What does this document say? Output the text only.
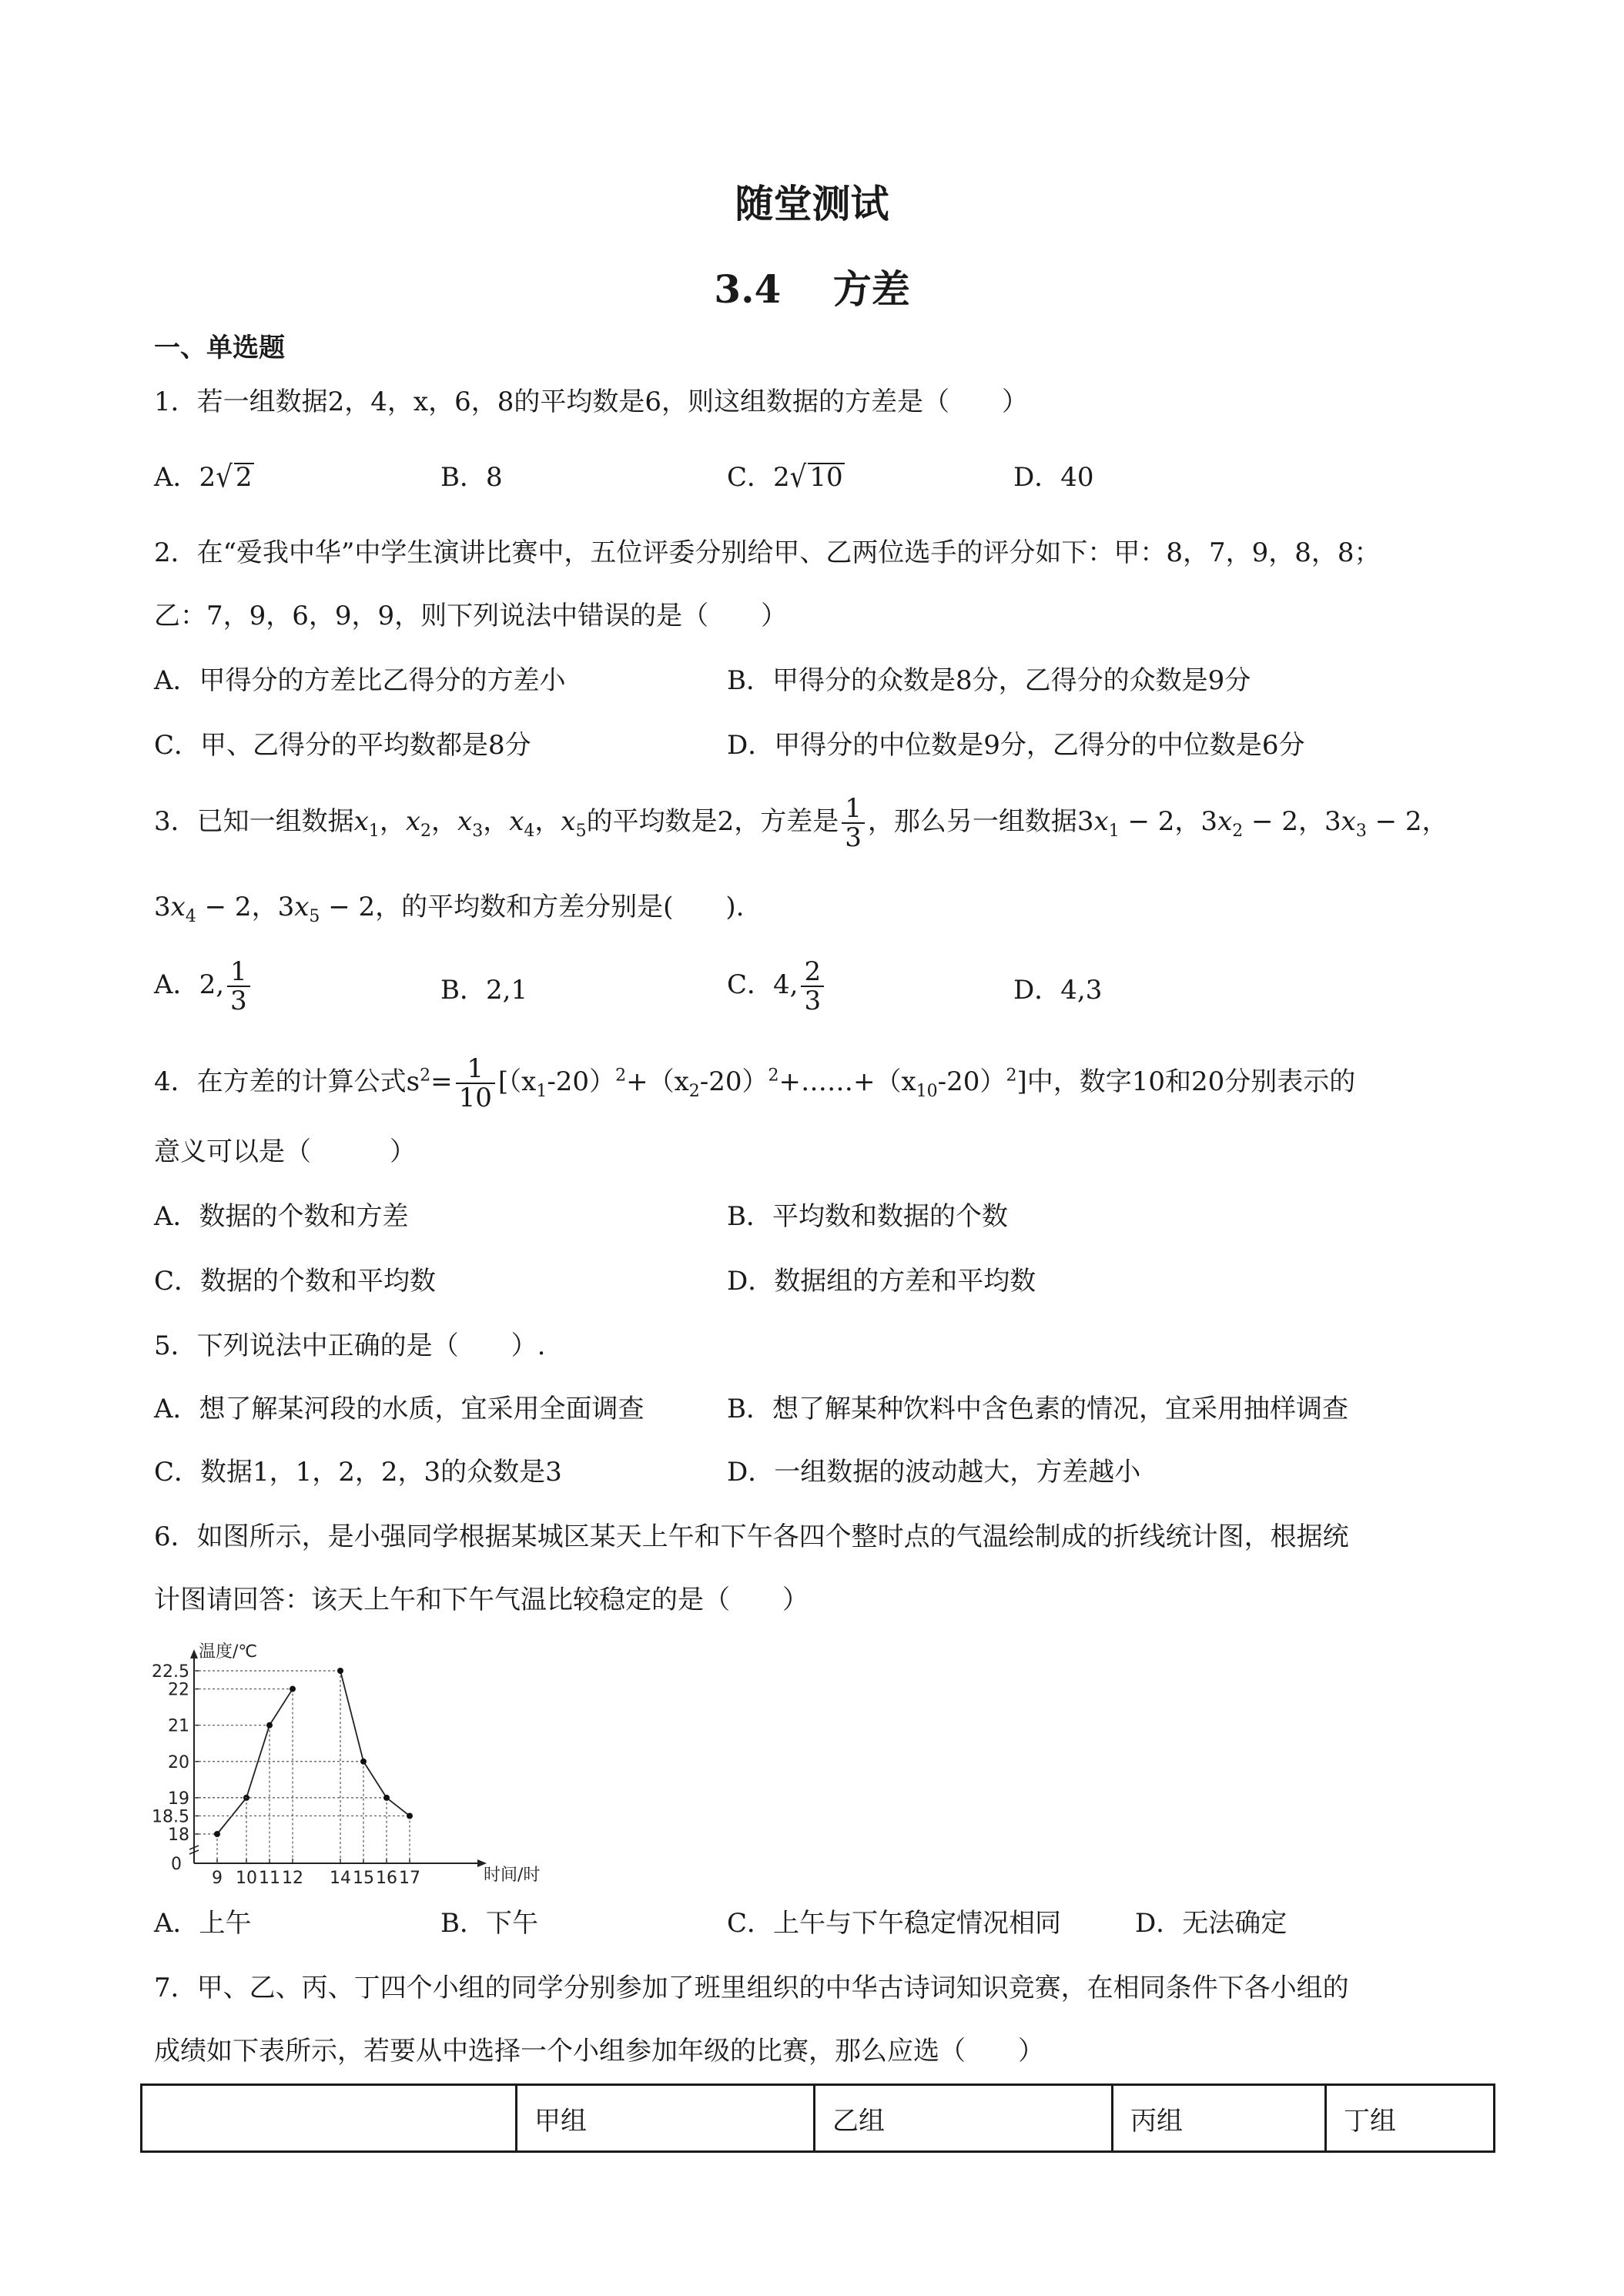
随堂测试
3.4　 方差
一、单选题
1．若一组数据2，4，x，6，8的平均数是6，则这组数据的方差是（　　）
A．2√ 2	B．8	C．2√ 10	D．40
2．在“爱我中华”中学生演讲比赛中，五位评委分别给甲、乙两位选手的评分如下：甲：8，7，9，8，8；
乙：7，9，6，9，9，则下列说法中错误的是（　　）
A．甲得分的方差比乙得分的方差小	B．甲得分的众数是8分，乙得分的众数是9分
C．甲、乙得分的平均数都是8分	D．甲得分的中位数是9分，乙得分的中位数是6分
3．已知一组数据$x_1$，$x_2$，$x_3$，$x_4$，$x_5$的平均数是2，方差是 $\frac{1}{3}$ ，那么另一组数据$3x_1 - 2$，$3x_2 - 2$，$3x_3 - 2$，
$3x_4 - 2$，$3x_5 - 2$，的平均数和方差分别是(　　).
A．2, $\frac{1}{3}$	B．2,1	C．4, $\frac{2}{3}$	D．4,3
4．在方差的计算公式$s^2= \frac{1}{10}$ $[(x_1-20)^2+(x_2-20)^2+\dots\dots+(x_{10}-20)^2]$中，数字10和20分别表示的
意义可以是（　　　）
A．数据的个数和方差	B．平均数和数据的个数
C．数据的个数和平均数	D．数据组的方差和平均数
5．下列说法中正确的是（　　）.
A．想了解某河段的水质，宜采用全面调查	B．想了解某种饮料中含色素的情况，宜采用抽样调查
C．数据1，1，2，2，3的众数是3	D．一组数据的波动越大，方差越小
6．如图所示，是小强同学根据某城区某天上午和下午各四个整时点的气温绘制成的折线统计图，根据统
计图请回答：该天上午和下午气温比较稳定的是（　　）
温度/℃
时间/时
0
18
18.5
19
20
21
22
22.5
9 10 11 12 14 15 16 17
A．上午	B．下午	C．上午与下午稳定情况相同	D．无法确定
7．甲、乙、丙、丁四个小组的同学分别参加了班里组织的中华古诗词知识竞赛，在相同条件下各小组的
成绩如下表所示，若要从中选择一个小组参加年级的比赛，那么应选（　　）
	甲组	乙组	丙组	丁组
